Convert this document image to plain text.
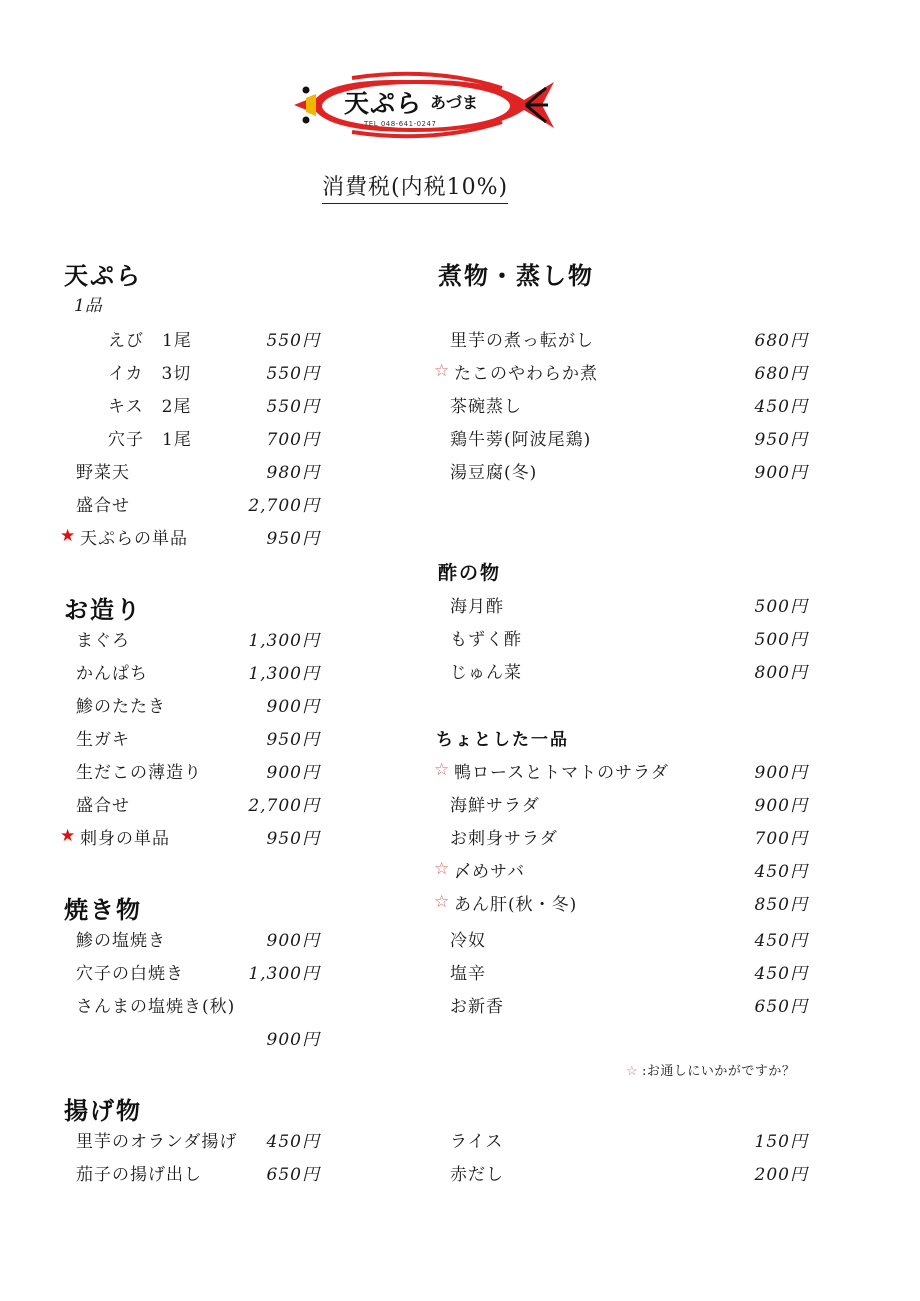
天ぷら あづま
TEL 048-641-0247
消費税(内税10%)
天ぷら
1品
えび　1尾	550円
イカ　3切	550円
キス　2尾	550円
穴子　1尾	700円
野菜天	980円
盛合せ	2,700円
★ 天ぷらの単品	950円
お造り
まぐろ	1,300円
かんぱち	1,300円
鯵のたたき	900円
生ガキ	950円
生だこの薄造り	900円
盛合せ	2,700円
★ 刺身の単品	950円
焼き物
鯵の塩焼き	900円
穴子の白焼き	1,300円
さんまの塩焼き(秋)
900円
揚げ物
里芋のオランダ揚げ	450円
茄子の揚げ出し	650円
煮物・蒸し物
里芋の煮っ転がし	680円
☆ たこのやわらか煮	680円
茶碗蒸し	450円
鶏牛蒡(阿波尾鶏)	950円
湯豆腐(冬)	900円
酢の物
海月酢	500円
もずく酢	500円
じゅん菜	800円
ちょとした一品
☆ 鴨ロースとトマトのサラダ	900円
海鮮サラダ	900円
お刺身サラダ	700円
☆ 〆めサバ	450円
☆ あん肝(秋・冬)	850円
冷奴	450円
塩辛	450円
お新香	650円
☆ :お通しにいかがですか？
ライス	150円
赤だし	200円
